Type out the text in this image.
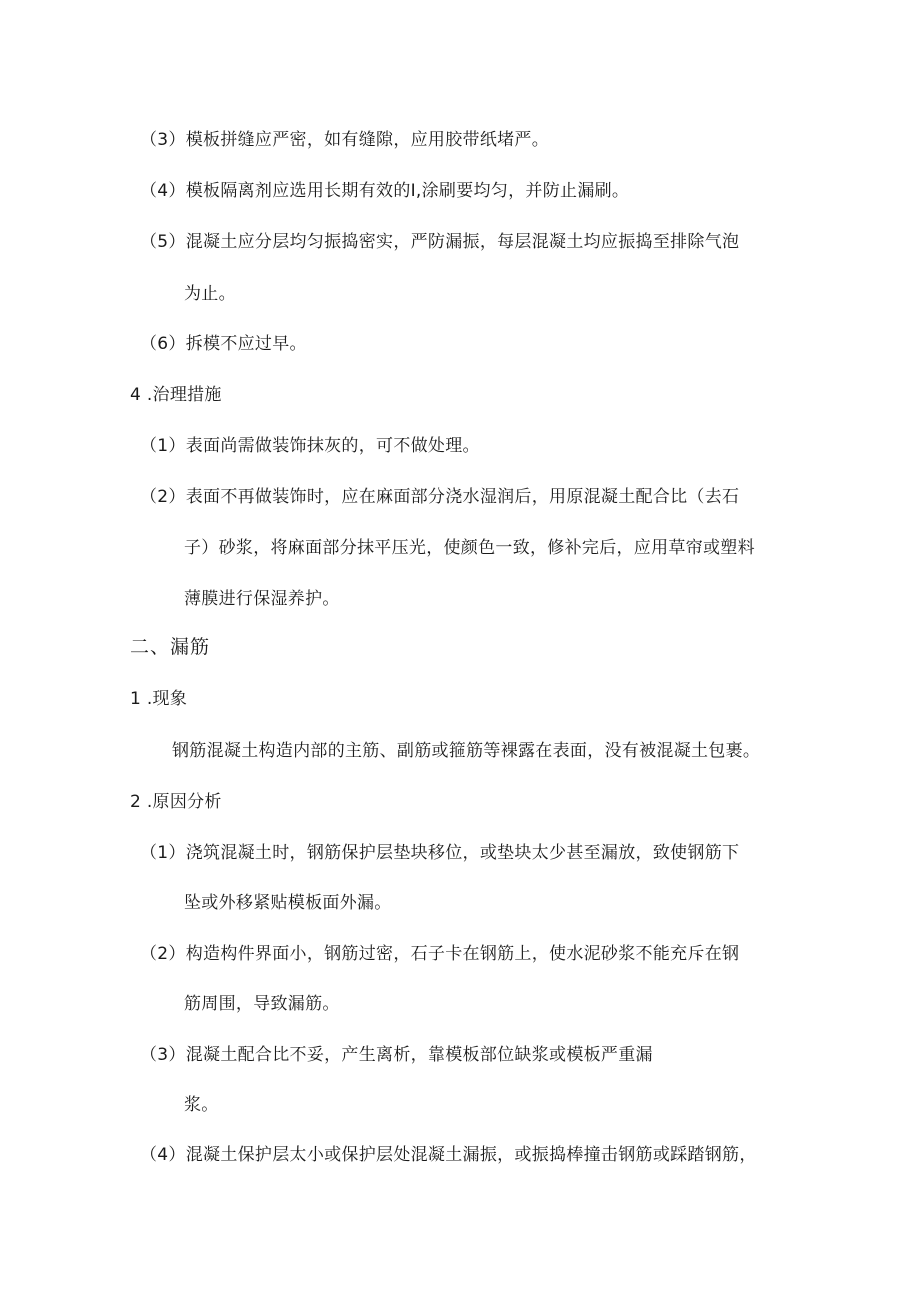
（3）模板拼缝应严密，如有缝隙，应用胶带纸堵严。
（4）模板隔离剂应选用长期有效的I,涂刷要均匀，并防止漏刷。
（5）混凝土应分层均匀振捣密实，严防漏振，每层混凝土均应振捣至排除气泡
为止。
（6）拆模不应过早。
4 .治理措施
（1）表面尚需做装饰抹灰的，可不做处理。
（2）表面不再做装饰时，应在麻面部分浇水湿润后，用原混凝土配合比（去石
子）砂浆，将麻面部分抹平压光，使颜色一致，修补完后，应用草帘或塑料
薄膜进行保湿养护。
二、漏筋
1 .现象
钢筋混凝土构造内部的主筋、副筋或箍筋等裸露在表面，没有被混凝土包裹。
2 .原因分析
（1）浇筑混凝土时，钢筋保护层垫块移位，或垫块太少甚至漏放，致使钢筋下
坠或外移紧贴模板面外漏。
（2）构造构件界面小，钢筋过密，石子卡在钢筋上，使水泥砂浆不能充斥在钢
筋周围，导致漏筋。
（3）混凝土配合比不妥，产生离析，靠模板部位缺浆或模板严重漏
浆。
（4）混凝土保护层太小或保护层处混凝土漏振，或振捣棒撞击钢筋或踩踏钢筋，
